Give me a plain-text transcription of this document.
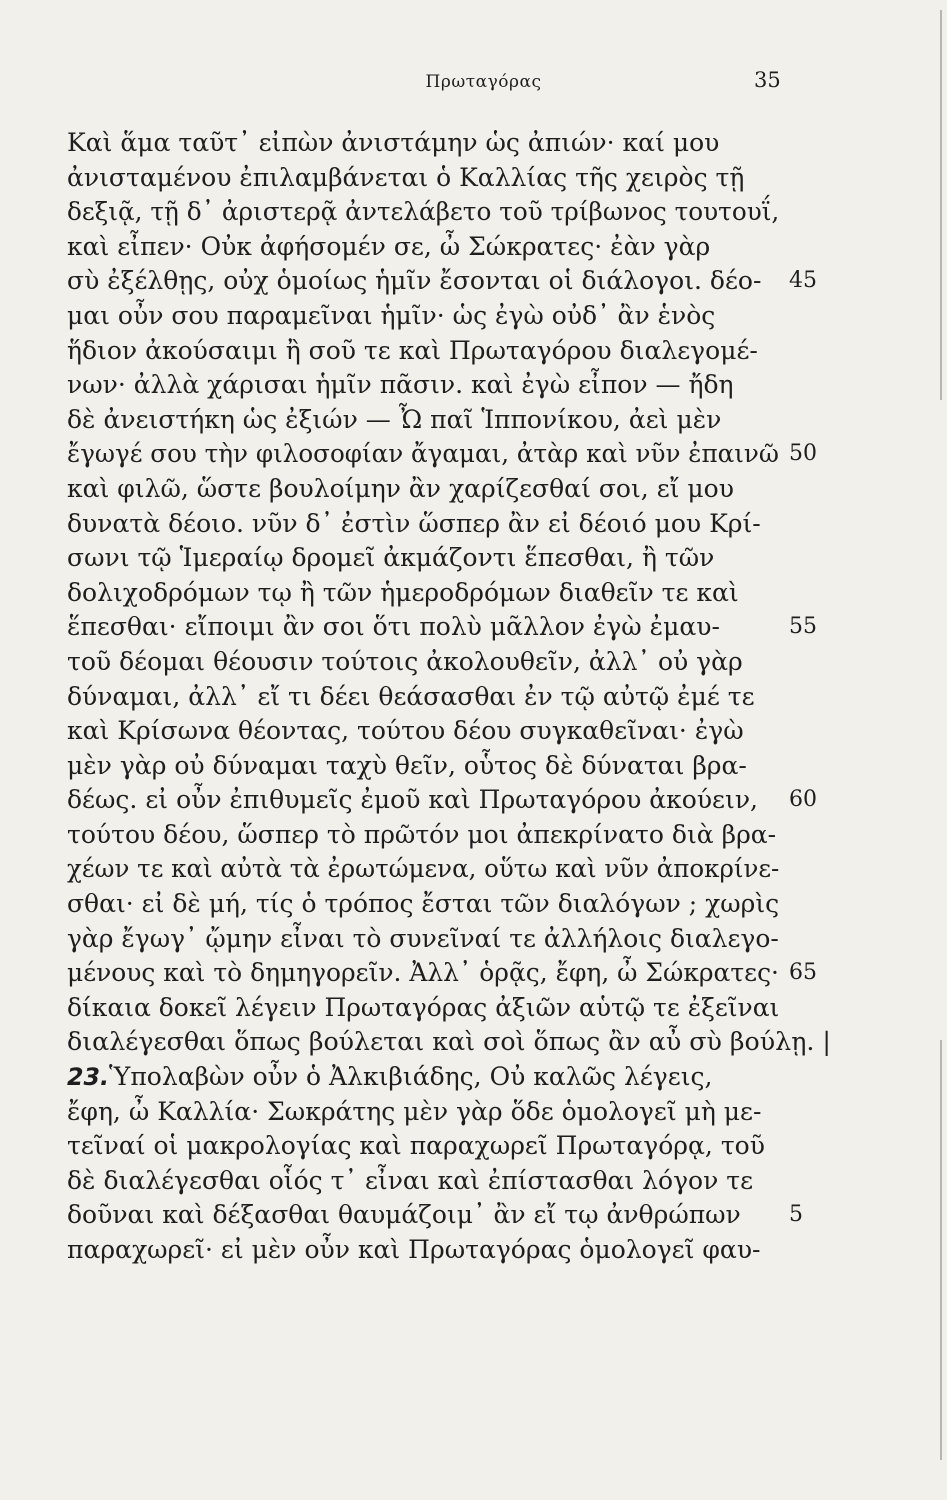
Πρωταγόρας	35
Καὶ ἅμα ταῦτ᾽ εἰπὼν ἀνιστάμην ὡς ἀπιών· καί μου
ἀνισταμένου ἐπιλαμβάνεται ὁ Καλλίας τῆς χειρὸς τῇ
δεξιᾷ, τῇ δ᾽ ἀριστερᾷ ἀντελάβετο τοῦ τρίβωνος τουτουΐ,
καὶ εἶπεν· Οὐκ ἀφήσομέν σε, ὦ Σώκρατες· ἐὰν γὰρ
σὺ ἐξέλθῃς, οὐχ ὁμοίως ἡμῖν ἔσονται οἱ διάλογοι. δέο- 45
μαι οὖν σου παραμεῖναι ἡμῖν· ὡς ἐγὼ οὐδ᾽ ἂν ἑνὸς
ἥδιον ἀκούσαιμι ἢ σοῦ τε καὶ Πρωταγόρου διαλεγομέ-
νων· ἀλλὰ χάρισαι ἡμῖν πᾶσιν. καὶ ἐγὼ εἶπον — ἤδη
δὲ ἀνειστήκη ὡς ἐξιών — Ὦ παῖ Ἱππονίκου, ἀεὶ μὲν
ἔγωγέ σου τὴν φιλοσοφίαν ἄγαμαι, ἀτὰρ καὶ νῦν ἐπαινῶ 50
καὶ φιλῶ, ὥστε βουλοίμην ἂν χαρίζεσθαί σοι, εἴ μου
δυνατὰ δέοιο. νῦν δ᾽ ἐστὶν ὥσπερ ἂν εἰ δέοιό μου Κρί-
σωνι τῷ Ἱμεραίῳ δρομεῖ ἀκμάζοντι ἕπεσθαι, ἢ τῶν
δολιχοδρόμων τῳ ἢ τῶν ἡμεροδρόμων διαθεῖν τε καὶ
ἕπεσθαι· εἴποιμι ἂν σοι ὅτι πολὺ μᾶλλον ἐγὼ ἐμαυ-	55
τοῦ δέομαι θέουσιν τούτοις ἀκολουθεῖν, ἀλλ᾽ οὐ γὰρ
δύναμαι, ἀλλ᾽ εἴ τι δέει θεάσασθαι ἐν τῷ αὐτῷ ἐμέ τε
καὶ Κρίσωνα θέοντας, τούτου δέου συγκαθεῖναι· ἐγὼ
μὲν γὰρ οὐ δύναμαι ταχὺ θεῖν, οὗτος δὲ δύναται βρα-
δέως. εἰ οὖν ἐπιθυμεῖς ἐμοῦ καὶ Πρωταγόρου ἀκούειν, 60
τούτου δέου, ὥσπερ τὸ πρῶτόν μοι ἀπεκρίνατο διὰ βρα-
χέων τε καὶ αὐτὰ τὰ ἐρωτώμενα, οὕτω καὶ νῦν ἀποκρίνε-
σθαι· εἰ δὲ μή, τίς ὁ τρόπος ἔσται τῶν διαλόγων ; χωρὶς
γὰρ ἔγωγ᾽ ᾤμην εἶναι τὸ συνεῖναί τε ἀλλήλοις διαλεγο-
μένους καὶ τὸ δημηγορεῖν. Ἀλλ᾽ ὁρᾷς, ἔφη, ὦ Σώκρατες· 65
δίκαια δοκεῖ λέγειν Πρωταγόρας ἀξιῶν αὑτῷ τε ἐξεῖναι
διαλέγεσθαι ὅπως βούλεται καὶ σοὶ ὅπως ἂν αὖ σὺ βούλῃ. |
23.Ὑπολαβὼν οὖν ὁ Ἀλκιβιάδης, Οὐ καλῶς λέγεις,
ἔφη, ὦ Καλλία· Σωκράτης μὲν γὰρ ὅδε ὁμολογεῖ μὴ με-
τεῖναί οἱ μακρολογίας καὶ παραχωρεῖ Πρωταγόρᾳ, τοῦ
δὲ διαλέγεσθαι οἷός τ᾽ εἶναι καὶ ἐπίστασθαι λόγον τε
δοῦναι καὶ δέξασθαι θαυμάζοιμ᾽ ἂν εἴ τῳ ἀνθρώπων 5
παραχωρεῖ· εἰ μὲν οὖν καὶ Πρωταγόρας ὁμολογεῖ φαυ-
